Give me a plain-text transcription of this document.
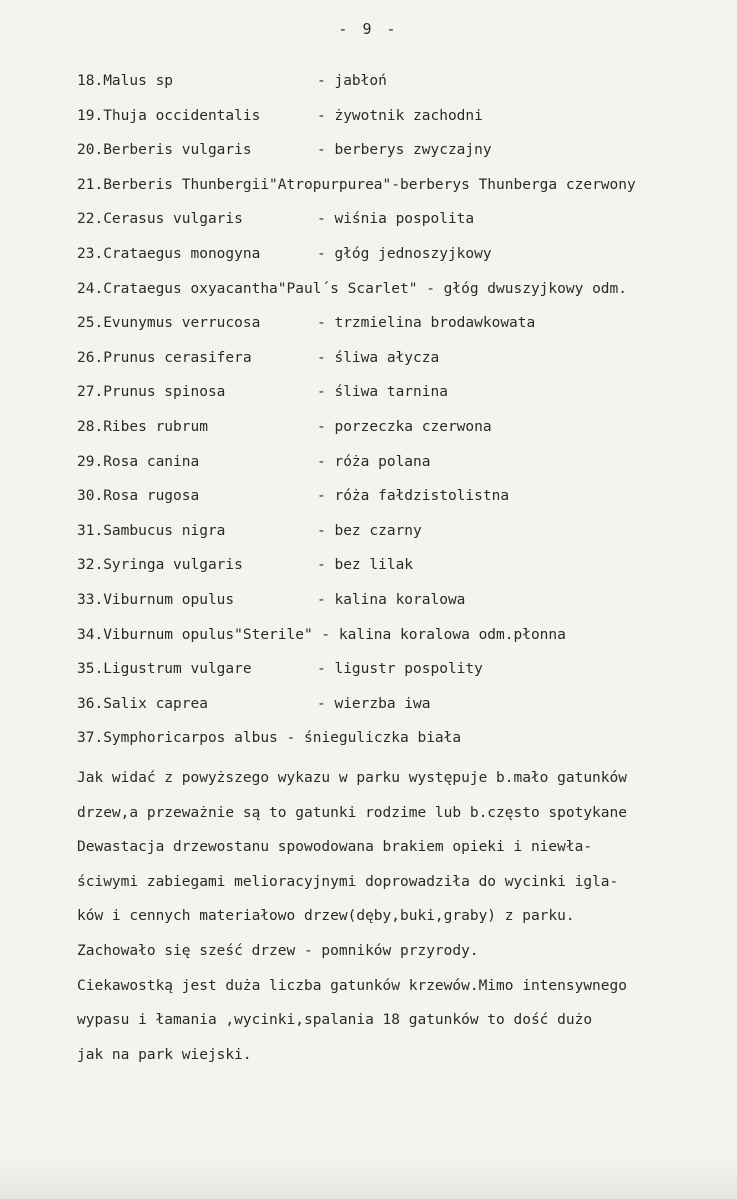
- 9 -
18.Malus sp	- jabłoń
19.Thuja occidentalis	- żywotnik zachodni
20.Berberis vulgaris	- berberys zwyczajny
21.Berberis Thunbergii"Atropurpurea"-berberys Thunberga czerwony
22.Cerasus vulgaris	- wiśnia pospolita
23.Crataegus monogyna	- głóg jednoszyjkowy
24.Crataegus oxyacantha"Paul´s Scarlet" - głóg dwuszyjkowy odm.
25.Evunymus verrucosa	- trzmielina brodawkowata
26.Prunus cerasifera	- śliwa ałycza
27.Prunus spinosa	- śliwa tarnina
28.Ribes rubrum	- porzeczka czerwona
29.Rosa canina	- róża polana
30.Rosa rugosa	- róża fałdzistolistna
31.Sambucus nigra	- bez czarny
32.Syringa vulgaris	- bez lilak
33.Viburnum opulus	- kalina koralowa
34.Viburnum opulus"Sterile" - kalina koralowa odm.płonna
35.Ligustrum vulgare	- ligustr pospolity
36.Salix caprea	- wierzba iwa
37.Symphoricarpos albus - śnieguliczka biała
Jak widać z powyższego wykazu w parku występuje b.mało gatunków
drzew,a przeważnie są to gatunki rodzime lub b.często spotykane
Dewastacja drzewostanu spowodowana brakiem opieki i niewła-
ściwymi zabiegami melioracyjnymi doprowadziła do wycinki igla-
ków i cennych materiałowo drzew(dęby,buki,graby) z parku.
Zachowało się sześć drzew - pomników przyrody.
Ciekawostką jest duża liczba gatunków krzewów.Mimo intensywnego
wypasu i łamania ,wycinki,spalania 18 gatunków to dość dużo
jak na park wiejski.
